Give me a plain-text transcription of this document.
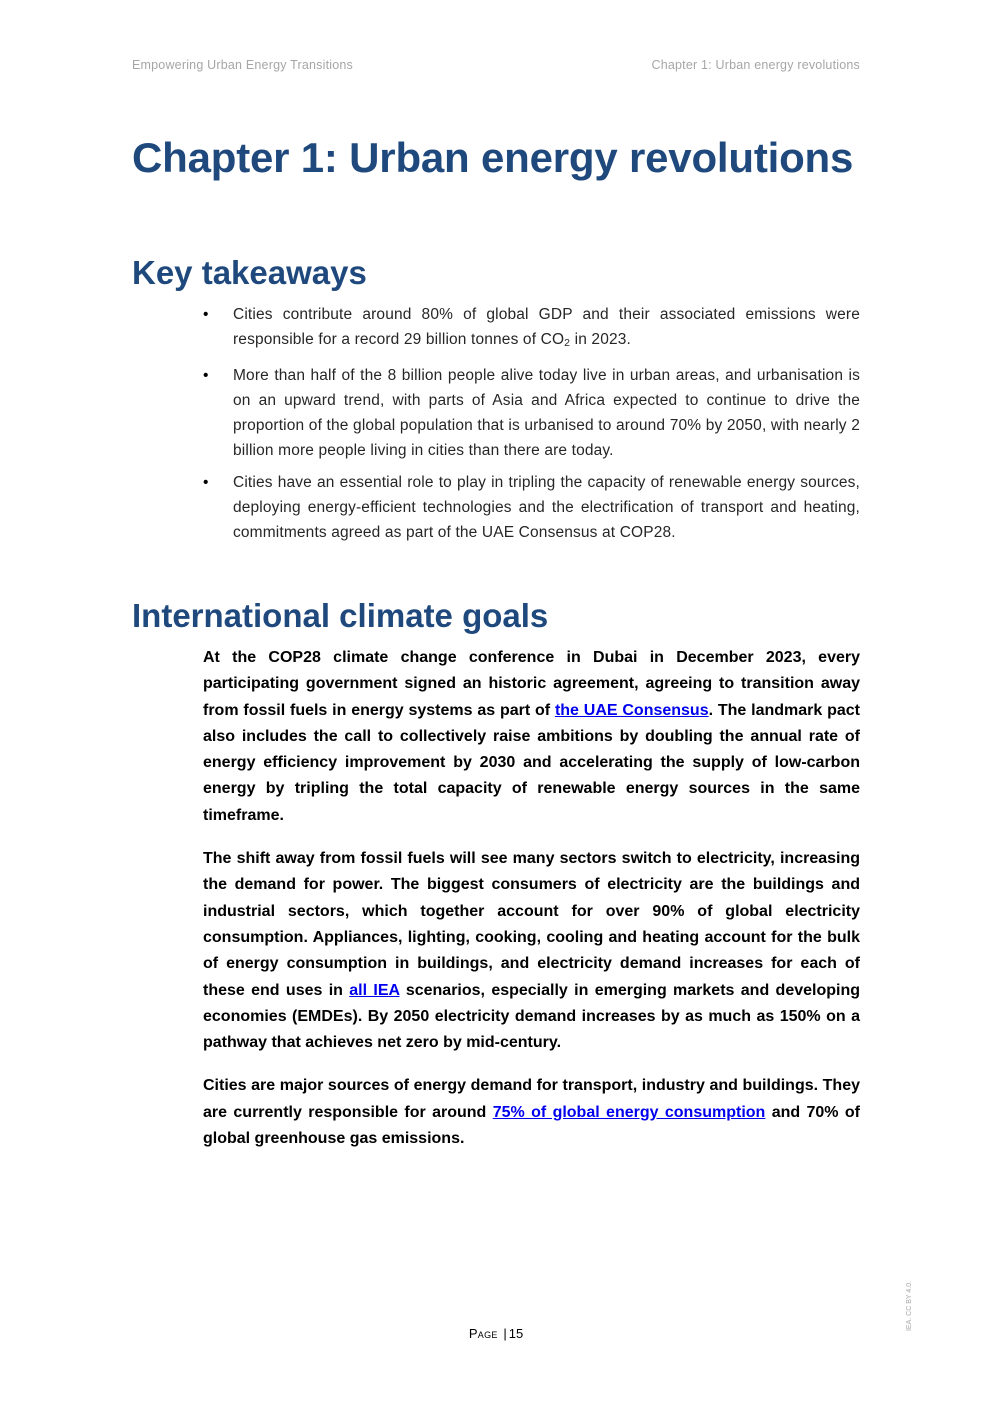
Empowering Urban Energy Transitions	Chapter 1: Urban energy revolutions
Chapter 1: Urban energy revolutions
Key takeaways
• Cities contribute around 80% of global GDP and their associated emissions were responsible for a record 29 billion tonnes of CO2 in 2023.
• More than half of the 8 billion people alive today live in urban areas, and urbanisation is on an upward trend, with parts of Asia and Africa expected to continue to drive the proportion of the global population that is urbanised to around 70% by 2050, with nearly 2 billion more people living in cities than there are today.
• Cities have an essential role to play in tripling the capacity of renewable energy sources, deploying energy-efficient technologies and the electrification of transport and heating, commitments agreed as part of the UAE Consensus at COP28.
International climate goals

At the COP28 climate change conference in Dubai in December 2023, every participating government signed an historic agreement, agreeing to transition away from fossil fuels in energy systems as part of the UAE Consensus. The landmark pact also includes the call to collectively raise ambitions by doubling the annual rate of energy efficiency improvement by 2030 and accelerating the supply of low-carbon energy by tripling the total capacity of renewable energy sources in the same timeframe.

The shift away from fossil fuels will see many sectors switch to electricity, increasing the demand for power. The biggest consumers of electricity are the buildings and industrial sectors, which together account for over 90% of global electricity consumption. Appliances, lighting, cooking, cooling and heating account for the bulk of energy consumption in buildings, and electricity demand increases for each of these end uses in all IEA scenarios, especially in emerging markets and developing economies (EMDEs). By 2050 electricity demand increases by as much as 150% on a pathway that achieves net zero by mid-century.

Cities are major sources of energy demand for transport, industry and buildings. They are currently responsible for around 75% of global energy consumption and 70% of global greenhouse gas emissions.

Page | 15
IEA. CC BY 4.0.
